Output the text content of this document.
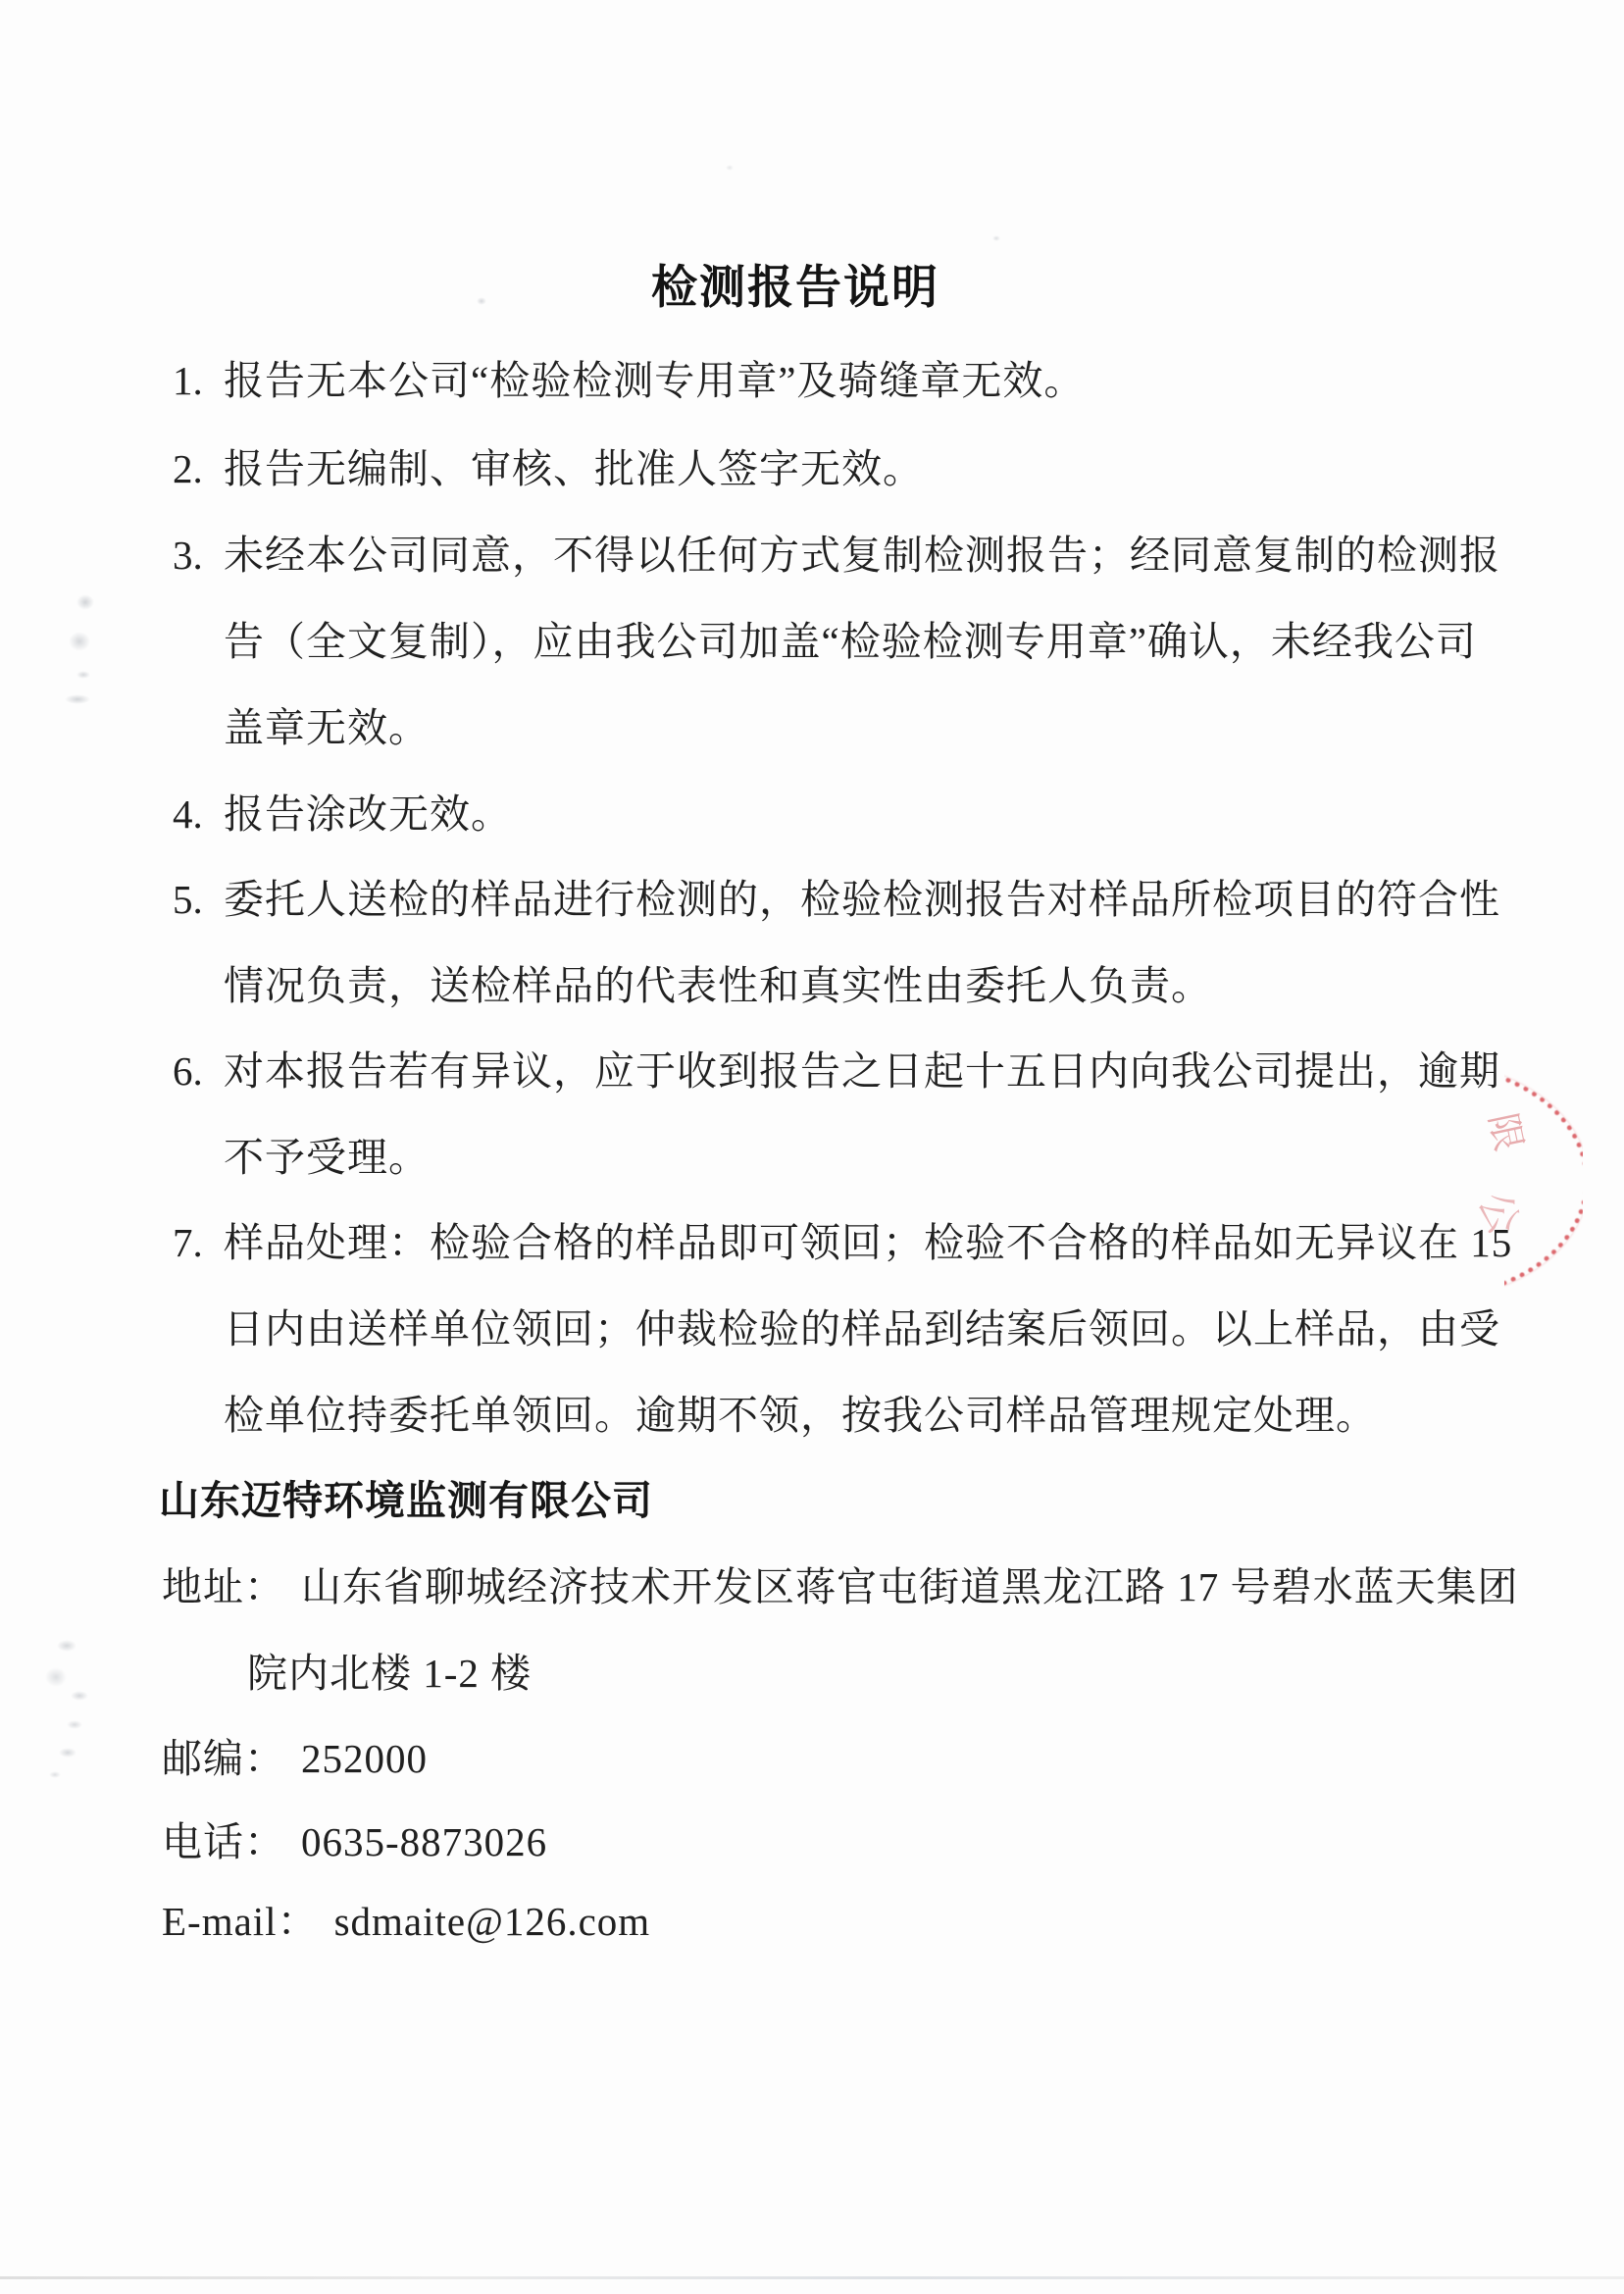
检测报告说明
1. 报告无本公司“检验检测专用章”及骑缝章无效。
2. 报告无编制、审核、批准人签字无效。
3. 未经本公司同意，不得以任何方式复制检测报告；经同意复制的检测报
告（全文复制），应由我公司加盖“检验检测专用章”确认，未经我公司
盖章无效。
4. 报告涂改无效。
5. 委托人送检的样品进行检测的，检验检测报告对样品所检项目的符合性
情况负责，送检样品的代表性和真实性由委托人负责。
6. 对本报告若有异议，应于收到报告之日起十五日内向我公司提出，逾期
不予受理。
7. 样品处理：检验合格的样品即可领回；检验不合格的样品如无异议在 15
日内由送样单位领回；仲裁检验的样品到结案后领回。以上样品，由受
检单位持委托单领回。逾期不领，按我公司样品管理规定处理。
山东迈特环境监测有限公司
地址： 山东省聊城经济技术开发区蒋官屯街道黑龙江路 17 号碧水蓝天集团
院内北楼 1-2 楼
邮编： 252000
电话： 0635-8873026
E-mail： sdmaite@126.com
限
公
